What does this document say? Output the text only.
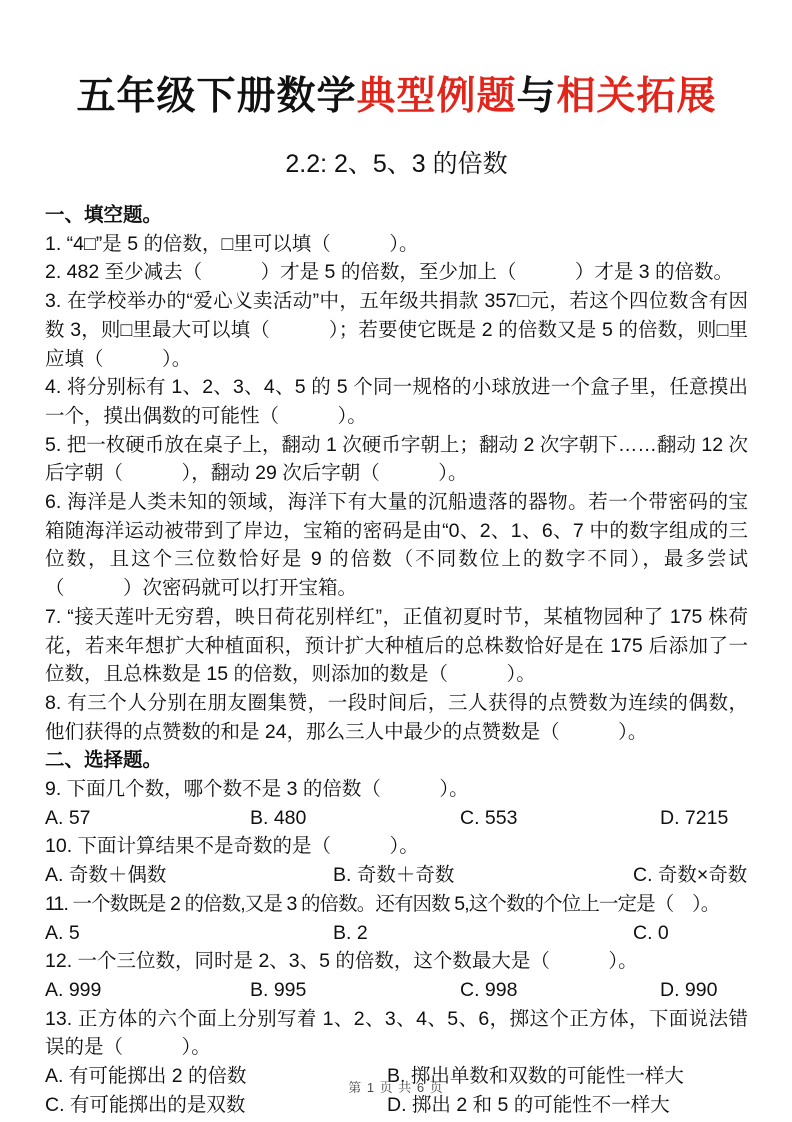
五年级下册数学典型例题与相关拓展
2.2: 2、5、3 的倍数
一、填空题。
1. “4□”是 5 的倍数，□里可以填（　　　）。
2. 482 至少减去（　　　）才是 5 的倍数，至少加上（　　　）才是 3 的倍数。
3. 在学校举办的“爱心义卖活动”中，五年级共捐款 357□元，若这个四位数含有因数 3，则□里最大可以填（　　　）；若要使它既是 2 的倍数又是 5 的倍数，则□里应填（　　　）。
4. 将分别标有 1、2、3、4、5 的 5 个同一规格的小球放进一个盒子里，任意摸出一个，摸出偶数的可能性（　　　）。
5. 把一枚硬币放在桌子上，翻动 1 次硬币字朝上；翻动 2 次字朝下……翻动 12 次后字朝（　　　），翻动 29 次后字朝（　　　）。
6. 海洋是人类未知的领域，海洋下有大量的沉船遗落的器物。若一个带密码的宝箱随海洋运动被带到了岸边，宝箱的密码是由“0、2、1、6、7 中的数字组成的三位数，且这个三位数恰好是 9 的倍数（不同数位上的数字不同），最多尝试（　　　）次密码就可以打开宝箱。
7. “接天莲叶无穷碧，映日荷花别样红”，正值初夏时节，某植物园种了 175 株荷花，若来年想扩大种植面积，预计扩大种植后的总株数恰好是在 175 后添加了一位数，且总株数是 15 的倍数，则添加的数是（　　　）。
8. 有三个人分别在朋友圈集赞，一段时间后，三人获得的点赞数为连续的偶数，他们获得的点赞数的和是 24，那么三人中最少的点赞数是（　　　）。
二、选择题。
9. 下面几个数，哪个数不是 3 的倍数（　　　）。
A. 57	B. 480	C. 553	D. 7215
10. 下面计算结果不是奇数的是（　　　）。
A. 奇数＋偶数	B. 奇数＋奇数	C. 奇数×奇数
11. 一个数既是 2 的倍数,又是 3 的倍数。还有因数 5,这个数的个位上一定是（　）。
A. 5	B. 2	C. 0
12. 一个三位数，同时是 2、3、5 的倍数，这个数最大是（　　　）。
A. 999	B. 995	C. 998	D. 990
13. 正方体的六个面上分别写着 1、2、3、4、5、6，掷这个正方体，下面说法错误的是（　　　）。
A. 有可能掷出 2 的倍数	B. 掷出单数和双数的可能性一样大
C. 有可能掷出的是双数	D. 掷出 2 和 5 的可能性不一样大
第 1 页 共 6 页
